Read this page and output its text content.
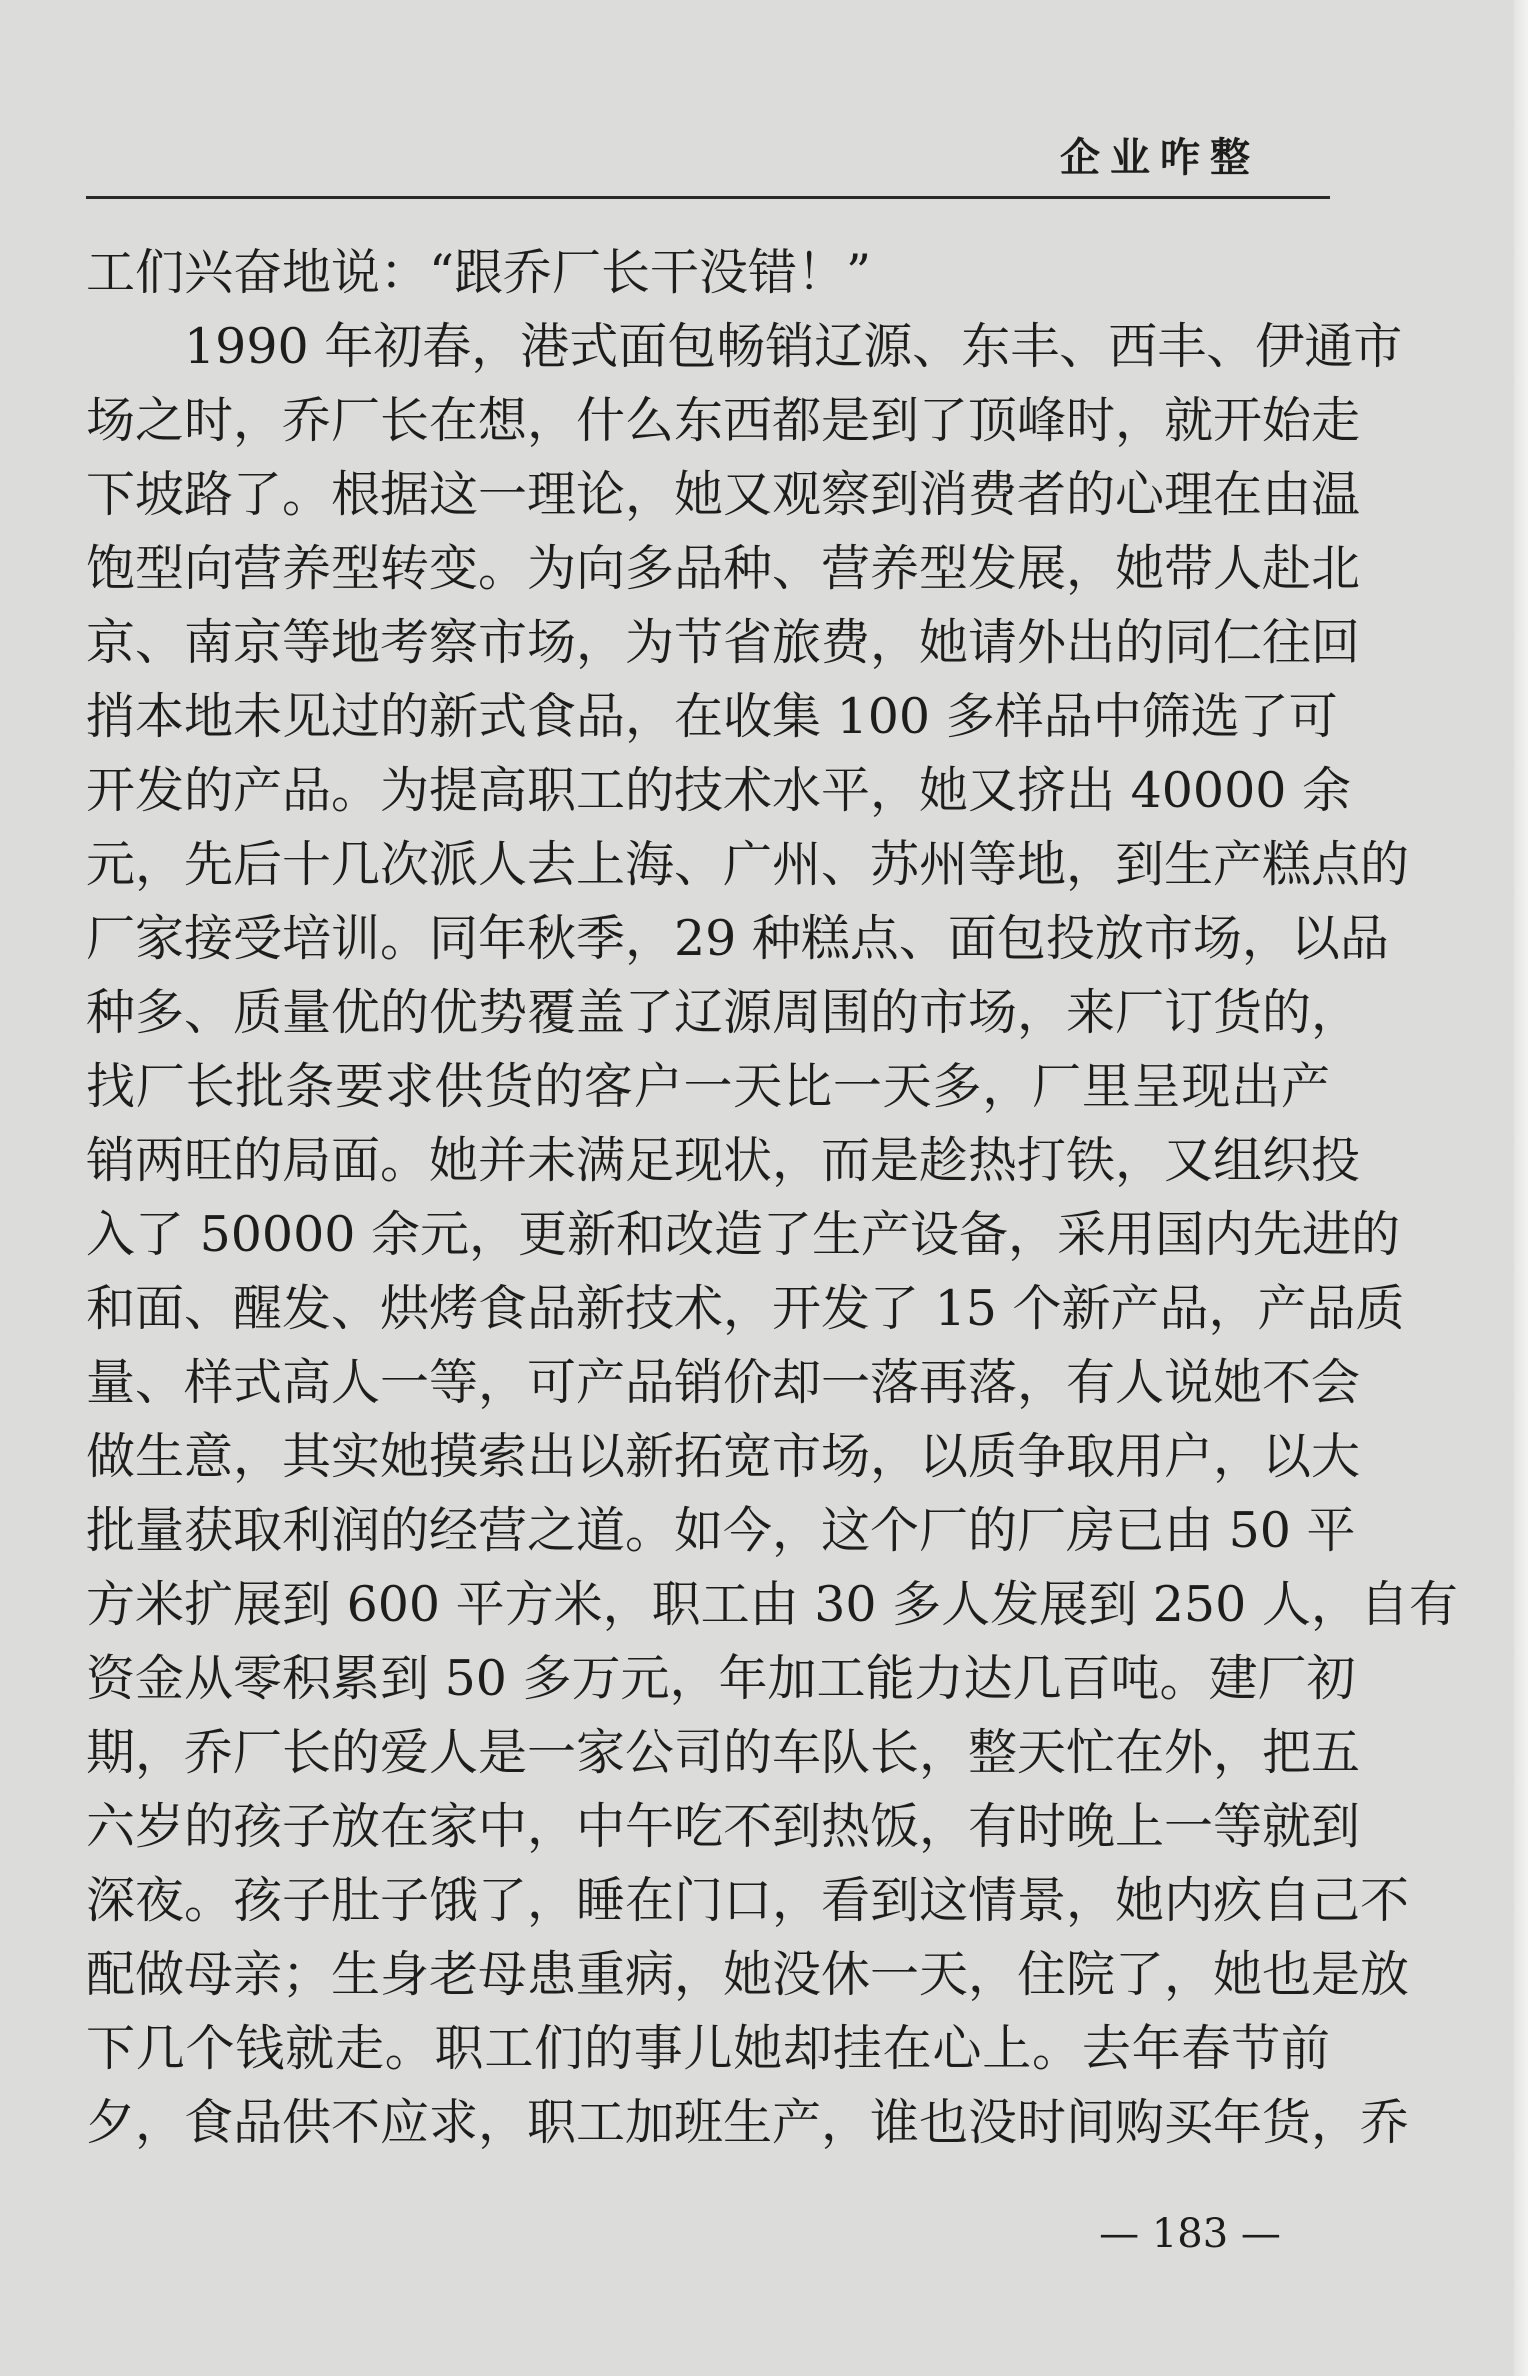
企业咋整
工们兴奋地说：“跟乔厂长干没错！”
1990 年初春，港式面包畅销辽源、东丰、西丰、伊通市
场之时，乔厂长在想，什么东西都是到了顶峰时，就开始走
下坡路了。根据这一理论，她又观察到消费者的心理在由温
饱型向营养型转变。为向多品种、营养型发展，她带人赴北
京、南京等地考察市场，为节省旅费，她请外出的同仁往回
捎本地未见过的新式食品，在收集 100 多样品中筛选了可
开发的产品。为提高职工的技术水平，她又挤出 40000 余
元，先后十几次派人去上海、广州、苏州等地，到生产糕点的
厂家接受培训。同年秋季，29 种糕点、面包投放市场，以品
种多、质量优的优势覆盖了辽源周围的市场，来厂订货的，
找厂长批条要求供货的客户一天比一天多，厂里呈现出产
销两旺的局面。她并未满足现状，而是趁热打铁，又组织投
入了 50000 余元，更新和改造了生产设备，采用国内先进的
和面、醒发、烘烤食品新技术，开发了 15 个新产品，产品质
量、样式高人一等，可产品销价却一落再落，有人说她不会
做生意，其实她摸索出以新拓宽市场，以质争取用户，以大
批量获取利润的经营之道。如今，这个厂的厂房已由 50 平
方米扩展到 600 平方米，职工由 30 多人发展到 250 人，自有
资金从零积累到 50 多万元，年加工能力达几百吨。建厂初
期，乔厂长的爱人是一家公司的车队长，整天忙在外，把五
六岁的孩子放在家中，中午吃不到热饭，有时晚上一等就到
深夜。孩子肚子饿了，睡在门口，看到这情景，她内疚自己不
配做母亲；生身老母患重病，她没休一天，住院了，她也是放
下几个钱就走。职工们的事儿她却挂在心上。去年春节前
夕，食品供不应求，职工加班生产，谁也没时间购买年货，乔
— 183 —
